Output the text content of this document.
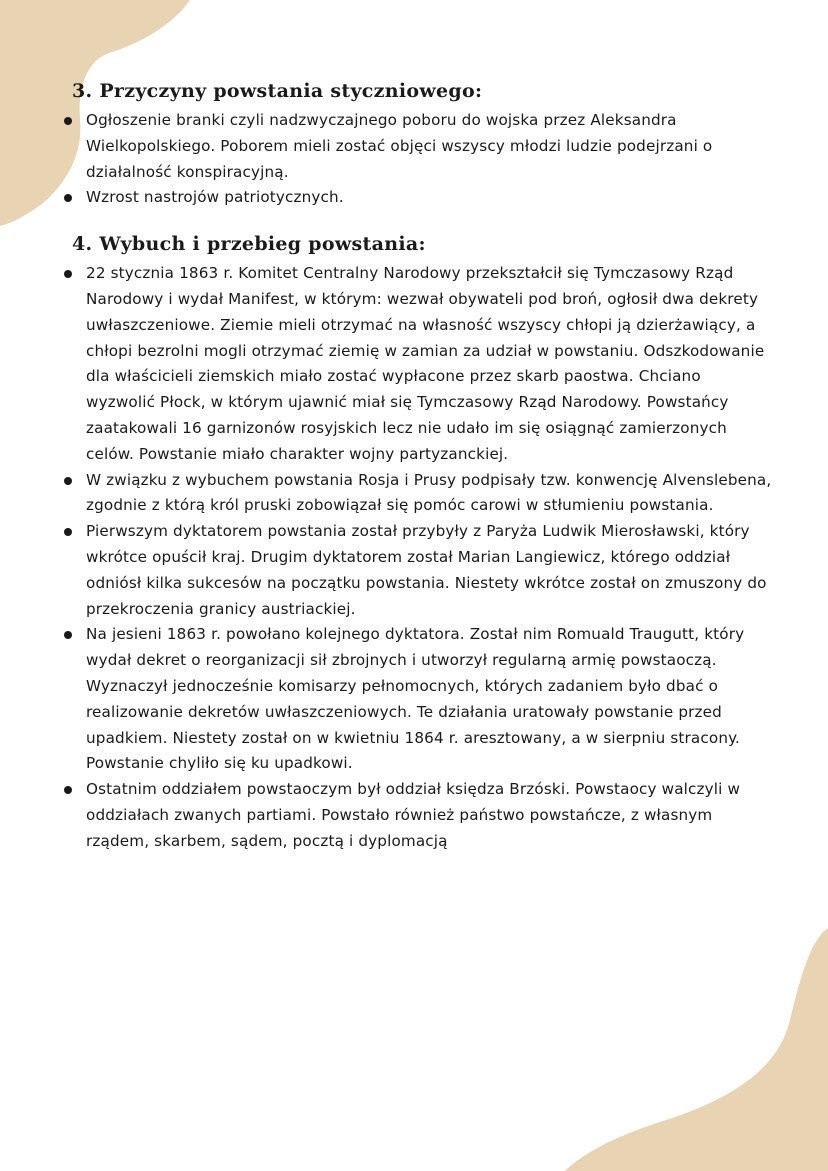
3. Przyczyny powstania styczniowego:
Ogłoszenie branki czyli nadzwyczajnego poboru do wojska przez Aleksandra Wielkopolskiego. Poborem mieli zostać objęci wszyscy młodzi ludzie podejrzani o działalność konspiracyjną.
Wzrost nastrojów patriotycznych.
4. Wybuch i przebieg powstania:
22 stycznia 1863 r. Komitet Centralny Narodowy przekształcił się Tymczasowy Rząd Narodowy i wydał Manifest, w którym: wezwał obywateli pod broń, ogłosił dwa dekrety uwłaszczeniowe. Ziemie mieli otrzymać na własność wszyscy chłopi ją dzierżawiący, a chłopi bezrolni mogli otrzymać ziemię w zamian za udział w powstaniu. Odszkodowanie dla właścicieli ziemskich miało zostać wypłacone przez skarb paostwa. Chciano wyzwolić Płock, w którym ujawnić miał się Tymczasowy Rząd Narodowy. Powstańcy zaatakowali 16 garnizonów rosyjskich lecz nie udało im się osiągnąć zamierzonych celów. Powstanie miało charakter wojny partyzanckiej.
W związku z wybuchem powstania Rosja i Prusy podpisały tzw. konwencję Alvenslebena, zgodnie z którą król pruski zobowiązał się pomóc carowi w stłumieniu powstania.
Pierwszym dyktatorem powstania został przybyły z Paryża Ludwik Mierosławski, który wkrótce opuścił kraj. Drugim dyktatorem został Marian Langiewicz, którego oddział odniósł kilka sukcesów na początku powstania. Niestety wkrótce został on zmuszony do przekroczenia granicy austriackiej.
Na jesieni 1863 r. powołano kolejnego dyktatora. Został nim Romuald Traugutt, który wydał dekret o reorganizacji sił zbrojnych i utworzył regularną armię powstaoczą. Wyznaczył jednocześnie komisarzy pełnomocnych, których zadaniem było dbać o realizowanie dekretów uwłaszczeniowych. Te działania uratowały powstanie przed upadkiem. Niestety został on w kwietniu 1864 r. aresztowany, a w sierpniu stracony. Powstanie chyliło się ku upadkowi.
Ostatnim oddziałem powstaoczym był oddział księdza Brzóski. Powstaocy walczyli w oddziałach zwanych partiami. Powstało również państwo powstańcze, z własnym rządem, skarbem, sądem, pocztą i dyplomacją
